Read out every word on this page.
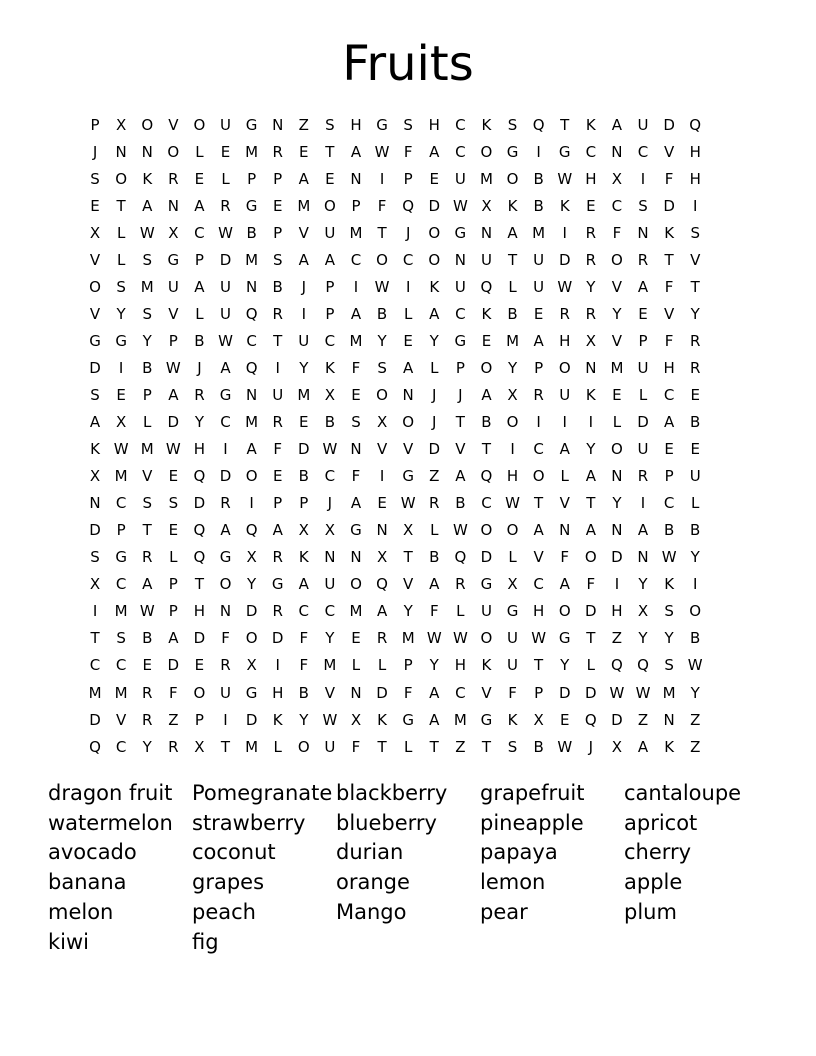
Fruits
P	X	O	V	O U G N	Z	S	H G	S	H	C	K	S	Q	T	K	A	U D Q
J	N N O	L	E M R	E	T	A W F	A	C O G	I	G	C	N	C	V	H
S	O	K	R	E	L	P	P	A	E	N	I	P	E	U M O	B W H	X	I	F	H
E	T	A	N	A	R	G	E M O	P	F	Q D W X	K	B	K	E	C	S	D	I
X	L W X	C W B	P	V	U M	T	J	O G N	A M	I	R	F	N	K	S
V	L	S	G	P	D M S	A	A	C O C O N U	T	U D	R O R	T	V
O	S M U	A	U N	B	J	P	I	W	I	K	U Q	L	U W Y	V	A	F	T
V	Y	S	V	L	U Q R	I	P	A	B	L	A	C	K	B	E	R	R	Y	E	V	Y
G G	Y	P	B W C	T	U	C M	Y	E	Y	G	E M A	H	X	V	P	F	R
D	I	B W	J	A	Q	I	Y	K	F	S	A	L	P	O	Y	P	O N M U H	R
S	E	P	A	R	G N U M X	E	O N	J	J	A	X	R	U	K	E	L	C	E
A	X	L	D	Y	C M R	E	B	S	X	O	J	T	B	O	I	I	I	L	D	A	B
K W M W H	I	A	F	D W N	V	V	D	V	T	I	C	A	Y	O U	E	E
X M V	E	Q D O	E	B	C	F	I	G	Z	A	Q H O	L	A	N	R	P	U
N	C	S	S	D	R	I	P	P	J	A	E W R	B	C W T	V	T	Y	I	C	L
D	P	T	E	Q	A	Q	A	X	X	G N	X	L W O O	A	N	A	N	A	B	B
S	G	R	L	Q G	X	R	K	N N	X	T	B	Q D	L	V	F	O D N W Y
X	C	A	P	T	O	Y	G	A	U O Q	V	A	R	G	X	C	A	F	I	Y	K	I
I	M W P	H N D	R	C	C M A	Y	F	L	U G H O D H	X	S	O
T	S	B	A	D	F	O D	F	Y	E	R M W W O U W G	T	Z	Y	Y	B
C	C	E	D	E	R	X	I	F	M	L	L	P	Y	H	K	U	T	Y	L	Q Q	S W
M M R	F	O U G H	B	V	N D	F	A	C	V	F	P	D D W W M	Y
D	V	R	Z	P	I	D	K	Y W X	K	G	A M G	K	X	E	Q D	Z	N	Z
Q C	Y	R	X	T	M	L	O U	F	T	L	T	Z	T	S	B W	J	X	A	K	Z
dragon fruit
watermelon
avocado
banana
melon
kiwi
Pomegranate
strawberry
coconut
grapes
peach
fig
blackberry
blueberry
durian
orange
Mango
grapefruit
pineapple
papaya
lemon
pear
cantaloupe
apricot
cherry
apple
plum
